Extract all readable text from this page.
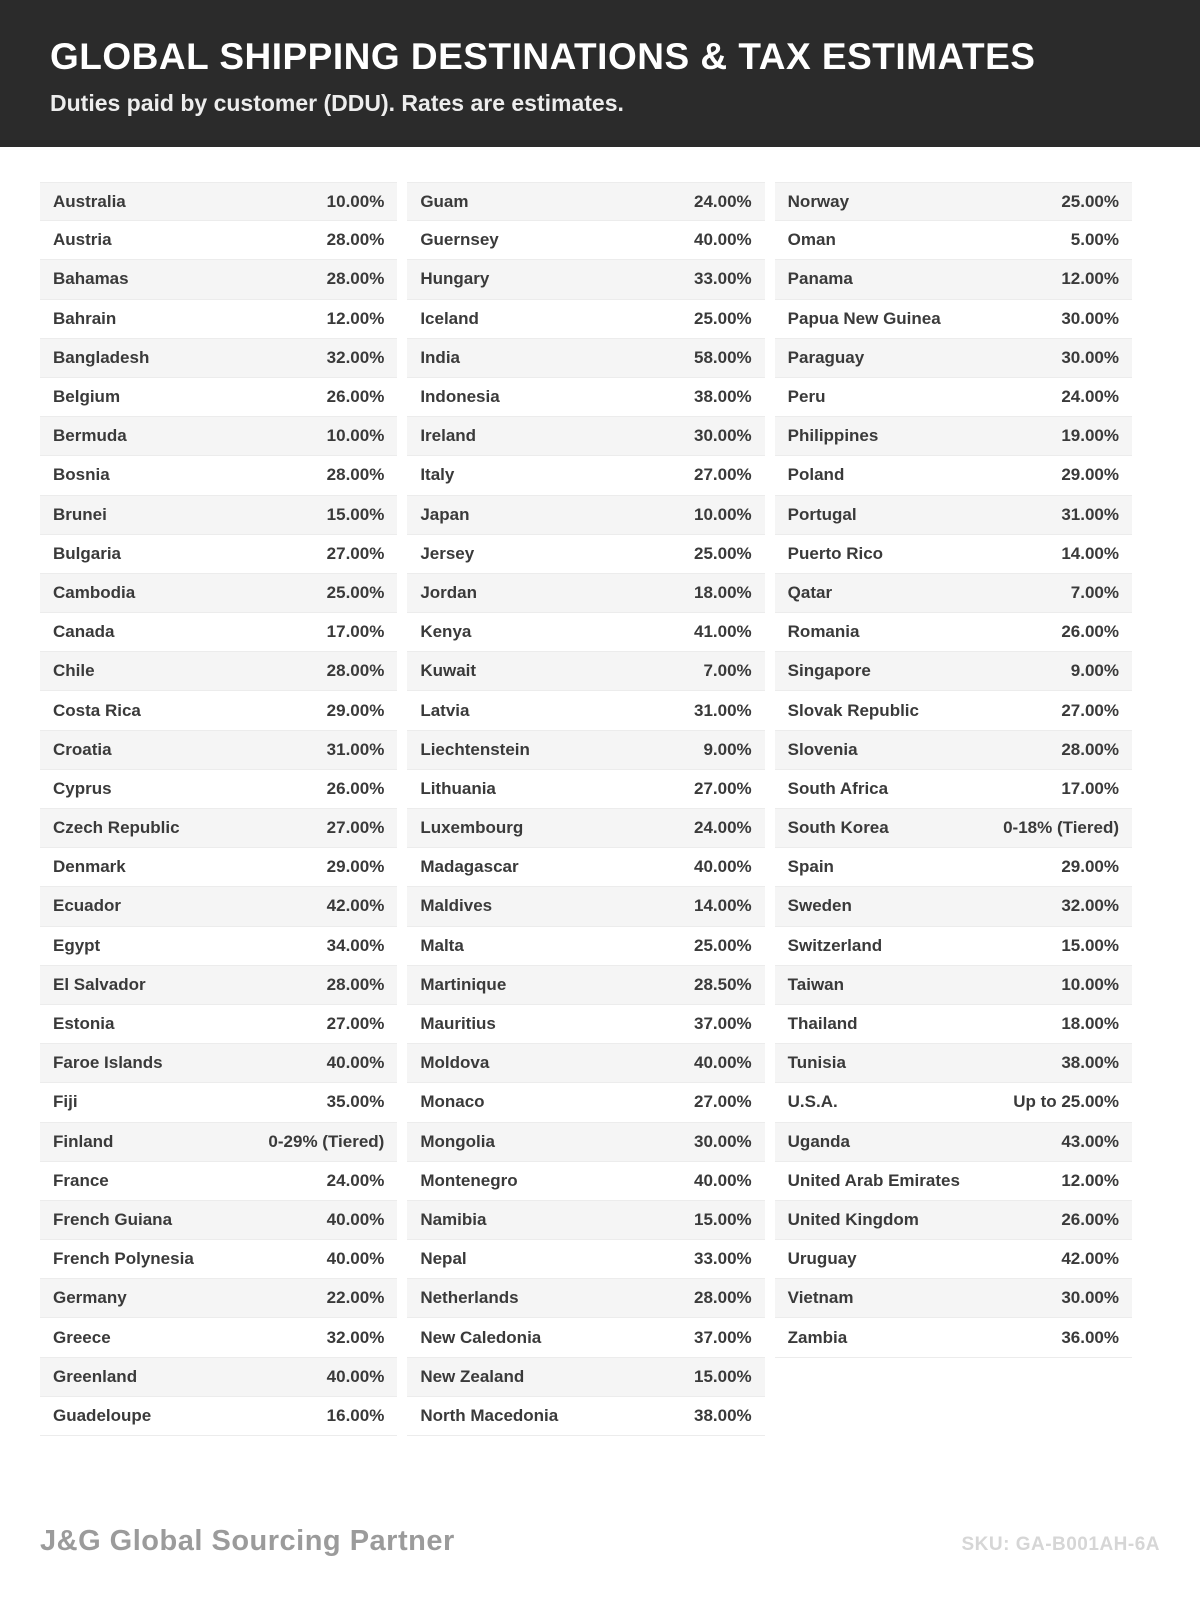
GLOBAL SHIPPING DESTINATIONS & TAX ESTIMATES

Duties paid by customer (DDU). Rates are estimates.

Australia	10.00%
Austria	28.00%
Bahamas	28.00%
Bahrain	12.00%
Bangladesh	32.00%
Belgium	26.00%
Bermuda	10.00%
Bosnia	28.00%
Brunei	15.00%
Bulgaria	27.00%
Cambodia	25.00%
Canada	17.00%
Chile	28.00%
Costa Rica	29.00%
Croatia	31.00%
Cyprus	26.00%
Czech Republic	27.00%
Denmark	29.00%
Ecuador	42.00%
Egypt	34.00%
El Salvador	28.00%
Estonia	27.00%
Faroe Islands	40.00%
Fiji	35.00%
Finland	0-29% (Tiered)
France	24.00%
French Guiana	40.00%
French Polynesia	40.00%
Germany	22.00%
Greece	32.00%
Greenland	40.00%
Guadeloupe	16.00%
Guam	24.00%
Guernsey	40.00%
Hungary	33.00%
Iceland	25.00%
India	58.00%
Indonesia	38.00%
Ireland	30.00%
Italy	27.00%
Japan	10.00%
Jersey	25.00%
Jordan	18.00%
Kenya	41.00%
Kuwait	7.00%
Latvia	31.00%
Liechtenstein	9.00%
Lithuania	27.00%
Luxembourg	24.00%
Madagascar	40.00%
Maldives	14.00%
Malta	25.00%
Martinique	28.50%
Mauritius	37.00%
Moldova	40.00%
Monaco	27.00%
Mongolia	30.00%
Montenegro	40.00%
Namibia	15.00%
Nepal	33.00%
Netherlands	28.00%
New Caledonia	37.00%
New Zealand	15.00%
North Macedonia	38.00%
Norway	25.00%
Oman	5.00%
Panama	12.00%
Papua New Guinea	30.00%
Paraguay	30.00%
Peru	24.00%
Philippines	19.00%
Poland	29.00%
Portugal	31.00%
Puerto Rico	14.00%
Qatar	7.00%
Romania	26.00%
Singapore	9.00%
Slovak Republic	27.00%
Slovenia	28.00%
South Africa	17.00%
South Korea	0-18% (Tiered)
Spain	29.00%
Sweden	32.00%
Switzerland	15.00%
Taiwan	10.00%
Thailand	18.00%
Tunisia	38.00%
U.S.A.	Up to 25.00%
Uganda	43.00%
United Arab Emirates	12.00%
United Kingdom	26.00%
Uruguay	42.00%
Vietnam	30.00%
Zambia	36.00%
J&G Global Sourcing Partner	SKU: GA-B001AH-6A
